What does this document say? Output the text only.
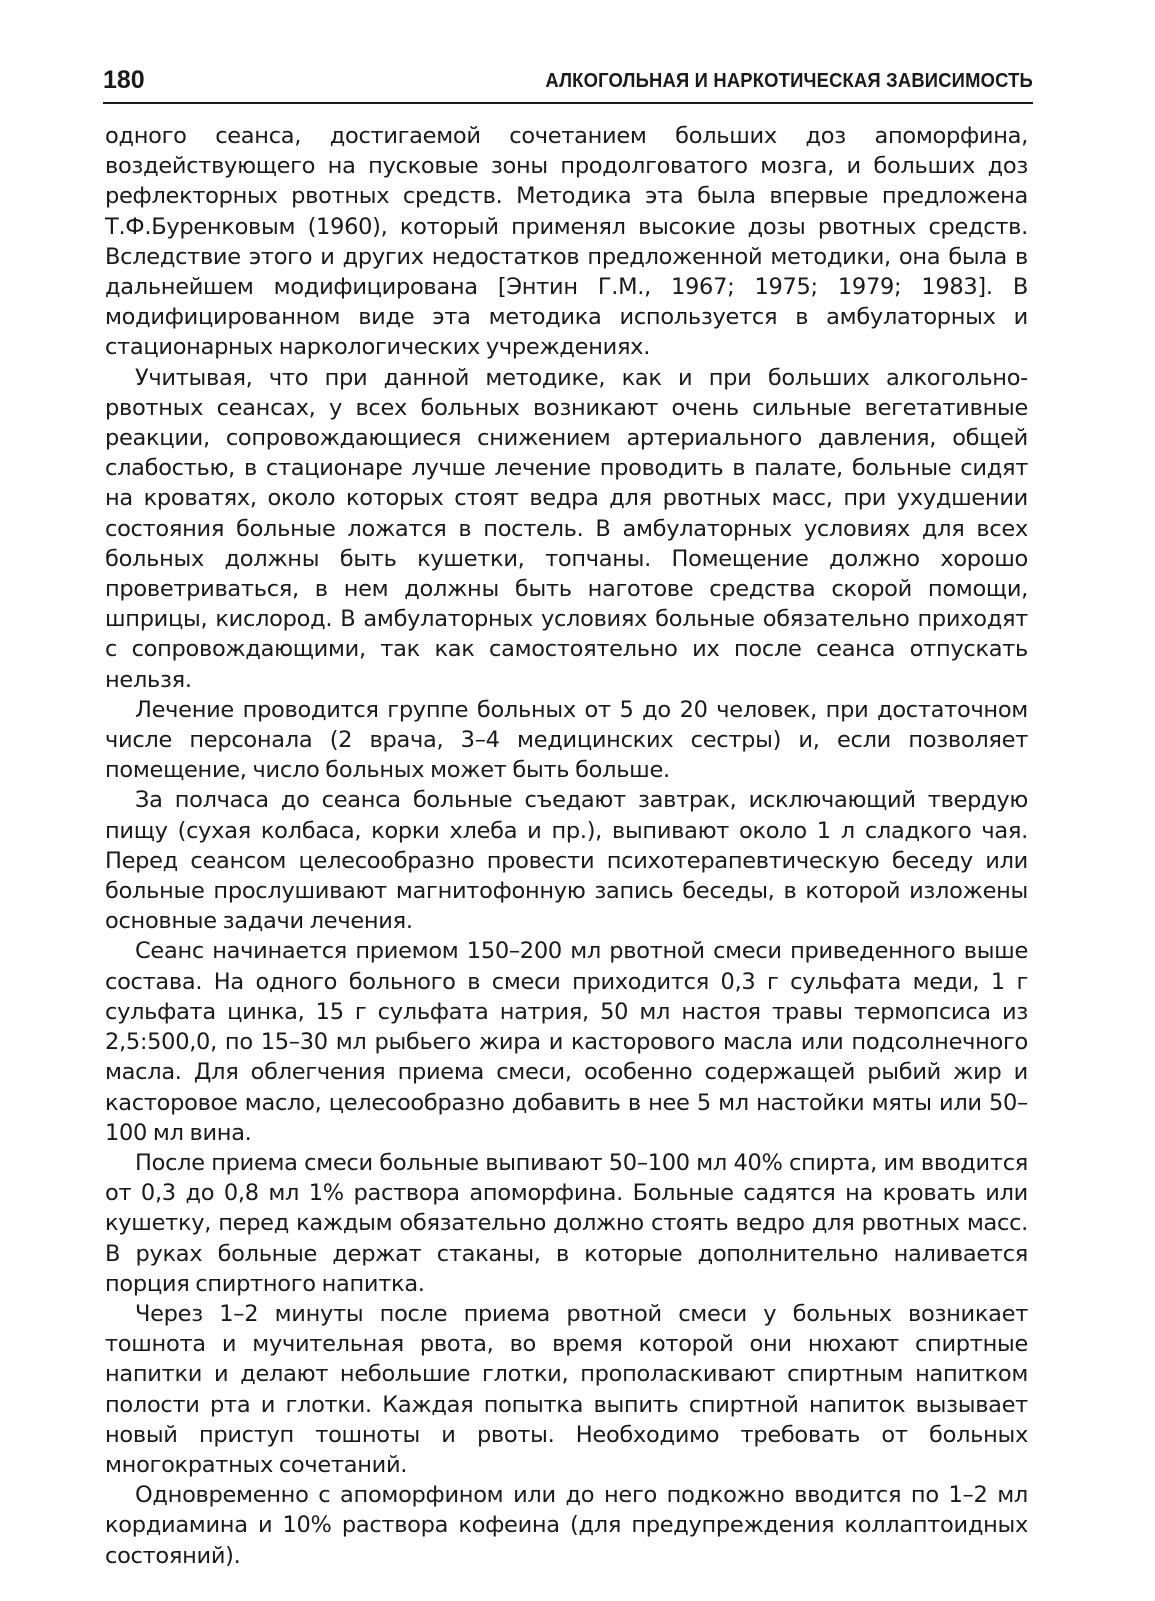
180	АЛКОГОЛЬНАЯ И НАРКОТИЧЕСКАЯ ЗАВИСИМОСТЬ

одного сеанса, достигаемой сочетанием больших доз апоморфина, воздействующего на пусковые зоны продолговатого мозга, и больших доз рефлекторных рвотных средств. Методика эта была впервые предложена Т.Ф.Буренковым (1960), который применял высокие дозы рвотных средств. Вследствие этого и других недостатков предложенной методики, она была в дальнейшем модифицирована [Энтин Г.М., 1967; 1975; 1979; 1983]. В модифицированном виде эта методика используется в амбулаторных и стационарных наркологических учреждениях.

Учитывая, что при данной методике, как и при больших алкогольно-рвотных сеансах, у всех больных возникают очень сильные вегетативные реакции, сопровождающиеся снижением артериального давления, общей слабостью, в стационаре лучше лечение проводить в палате, больные сидят на кроватях, около которых стоят ведра для рвотных масс, при ухудшении состояния больные ложатся в постель. В амбулаторных условиях для всех больных должны быть кушетки, топчаны. Помещение должно хорошо проветриваться, в нем должны быть наготове средства скорой помощи, шприцы, кислород. В амбулаторных условиях больные обязательно приходят с сопровождающими, так как самостоятельно их после сеанса отпускать нельзя.

Лечение проводится группе больных от 5 до 20 человек, при достаточном числе персонала (2 врача, 3–4 медицинских сестры) и, если позволяет помещение, число больных может быть больше.

За полчаса до сеанса больные съедают завтрак, исключающий твердую пищу (сухая колбаса, корки хлеба и пр.), выпивают около 1 л сладкого чая. Перед сеансом целесообразно провести психотерапевтическую беседу или больные прослушивают магнитофонную запись беседы, в которой изложены основные задачи лечения.

Сеанс начинается приемом 150–200 мл рвотной смеси приведенного выше состава. На одного больного в смеси приходится 0,3 г сульфата меди, 1 г сульфата цинка, 15 г сульфата натрия, 50 мл настоя травы термопсиса из 2,5:500,0, по 15–30 мл рыбьего жира и касторового масла или подсолнечного масла. Для облегчения приема смеси, особенно содержащей рыбий жир и касторовое масло, целесообразно добавить в нее 5 мл настойки мяты или 50–100 мл вина.

После приема смеси больные выпивают 50–100 мл 40% спирта, им вводится от 0,3 до 0,8 мл 1% раствора апоморфина. Больные садятся на кровать или кушетку, перед каждым обязательно должно стоять ведро для рвотных масс. В руках больные держат стаканы, в которые дополнительно наливается порция спиртного напитка.

Через 1–2 минуты после приема рвотной смеси у больных возникает тошнота и мучительная рвота, во время которой они нюхают спиртные напитки и делают небольшие глотки, прополаскивают спиртным напитком полости рта и глотки. Каждая попытка выпить спиртной напиток вызывает новый приступ тошноты и рвоты. Необходимо требовать от больных многократных сочетаний.

Одновременно с апоморфином или до него подкожно вводится по 1–2 мл кордиамина и 10% раствора кофеина (для предупреждения коллаптоидных состояний).
